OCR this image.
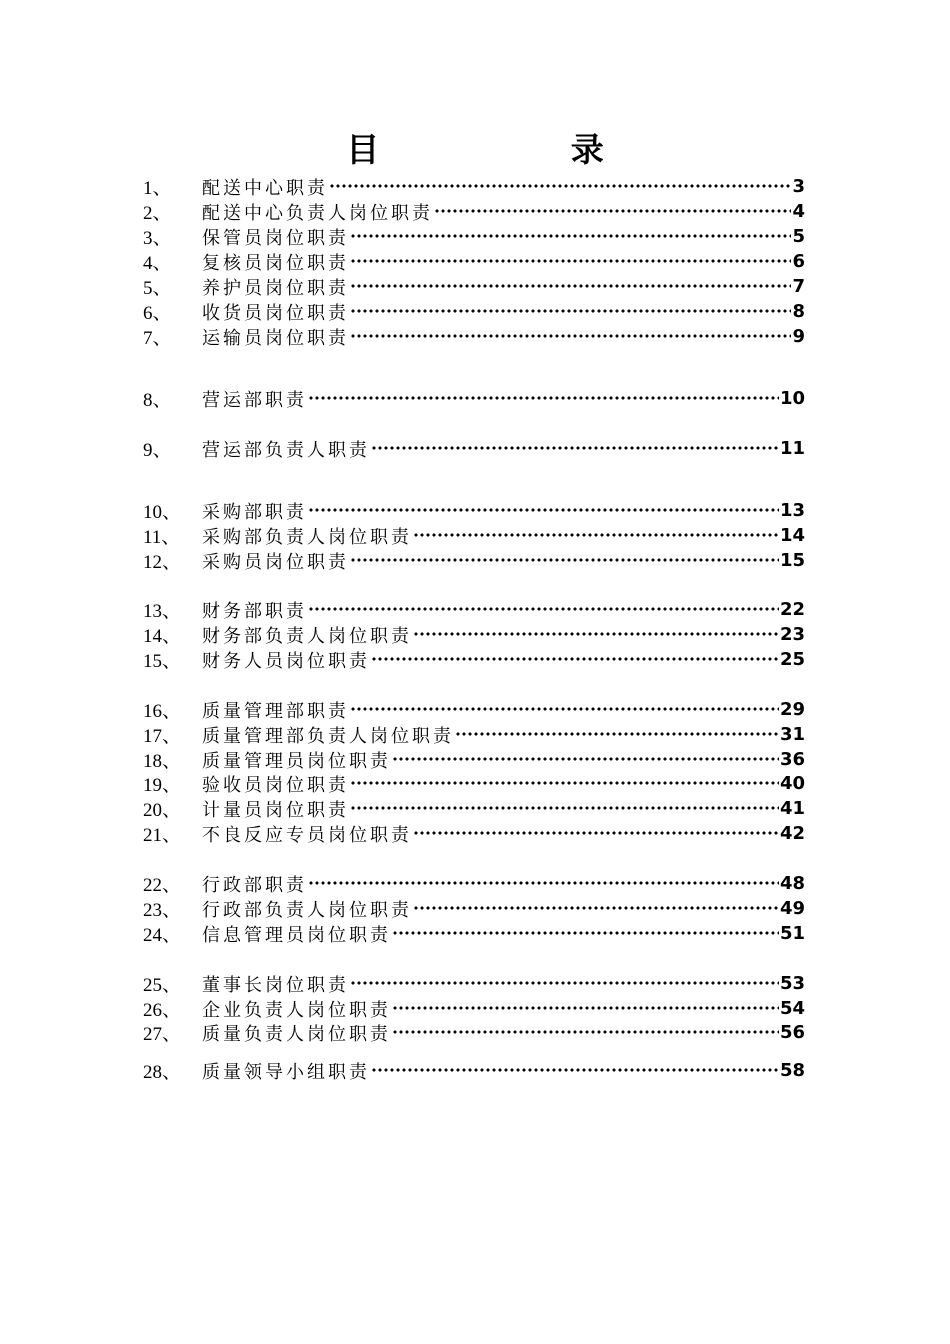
目 录
1、	配送中心职责	3
2、	配送中心负责人岗位职责	4
3、	保管员岗位职责	5
4、	复核员岗位职责	6
5、	养护员岗位职责	7
6、	收货员岗位职责	8
7、	运输员岗位职责	9
8、	营运部职责	10
9、	营运部负责人职责	11
10、	采购部职责	13
11、	采购部负责人岗位职责	14
12、	采购员岗位职责	15
13、	财务部职责	22
14、	财务部负责人岗位职责	23
15、	财务人员岗位职责	25
16、	质量管理部职责	29
17、	质量管理部负责人岗位职责	31
18、	质量管理员岗位职责	36
19、	验收员岗位职责	40
20、	计量员岗位职责	41
21、	不良反应专员岗位职责	42
22、	行政部职责	48
23、	行政部负责人岗位职责	49
24、	信息管理员岗位职责	51
25、	董事长岗位职责	53
26、	企业负责人岗位职责	54
27、	质量负责人岗位职责	56
28、	质量领导小组职责	58
